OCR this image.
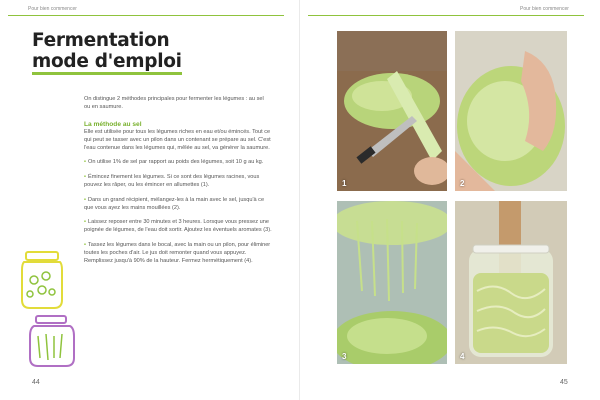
Pour bien commencer
Fermentation
mode d'emploi
On distingue 2 méthodes principales pour fermenter les légumes : au sel ou en saumure.
La méthode au sel

Elle est utilisée pour tous les légumes riches en eau et/ou émincés. Tout ce qui peut se tasser avec un pilon dans un contenant se prépare au sel. C'est l'eau contenue dans les légumes qui, mêlée au sel, va générer la saumure.

• On utilise 1% de sel par rapport au poids des légumes, soit 10 g au kg.

• Émincez finement les légumes. Si ce sont des légumes racines, vous pouvez les râper, ou les émincer en allumettes (1).

• Dans un grand récipient, mélangez-les à la main avec le sel, jusqu'à ce que vous ayez les mains mouillées (2).

• Laissez reposer entre 30 minutes et 3 heures. Lorsque vous pressez une poignée de légumes, de l'eau doit sortir. Ajoutez les éventuels aromates (3).

• Tassez les légumes dans le bocal, avec la main ou un pilon, pour éliminer toutes les poches d'air. Le jus doit remonter quand vous appuyez. Remplissez jusqu'à 90% de la hauteur. Fermez hermétiquement (4).

44
Pour bien commencer
45
1	2
3	4
